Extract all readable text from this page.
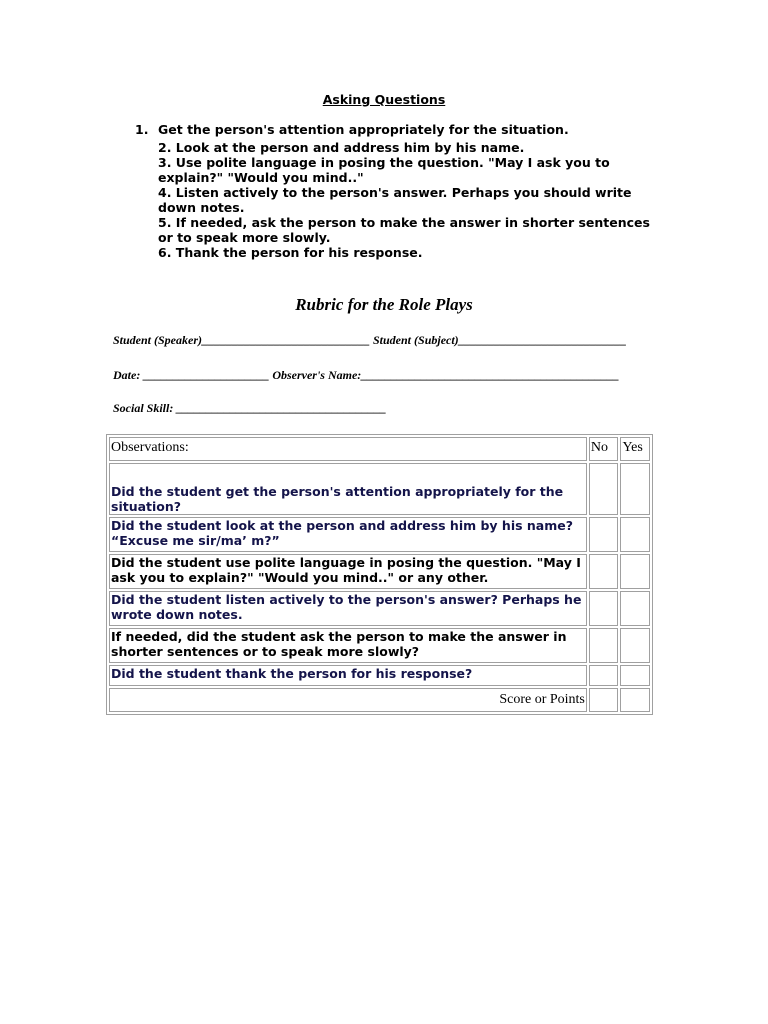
Asking Questions
1. Get the person's attention appropriately for the situation.
2. Look at the person and address him by his name.
3. Use polite language in posing the question. "May I ask you to explain?" "Would you mind.."
4. Listen actively to the person's answer. Perhaps you should write down notes.
5. If needed, ask the person to make the answer in shorter sentences or to speak more slowly.
6. Thank the person for his response.
Rubric for the Role Plays
Student (Speaker)____________________________ Student (Subject)____________________________
Date: _____________________ Observer's Name:___________________________________________
Social Skill: ___________________________________
Observations:	No	Yes
Did the student get the person's attention appropriately for the situation?		
Did the student look at the person and address him by his name? “Excuse me sir/ma’ m?”		
Did the student use polite language in posing the question. "May I ask you to explain?" "Would you mind.." or any other.		
Did the student listen actively to the person's answer? Perhaps he wrote down notes.		
If needed, did the student ask the person to make the answer in shorter sentences or to speak more slowly?		
Did the student thank the person for his response?		
Score or Points		
